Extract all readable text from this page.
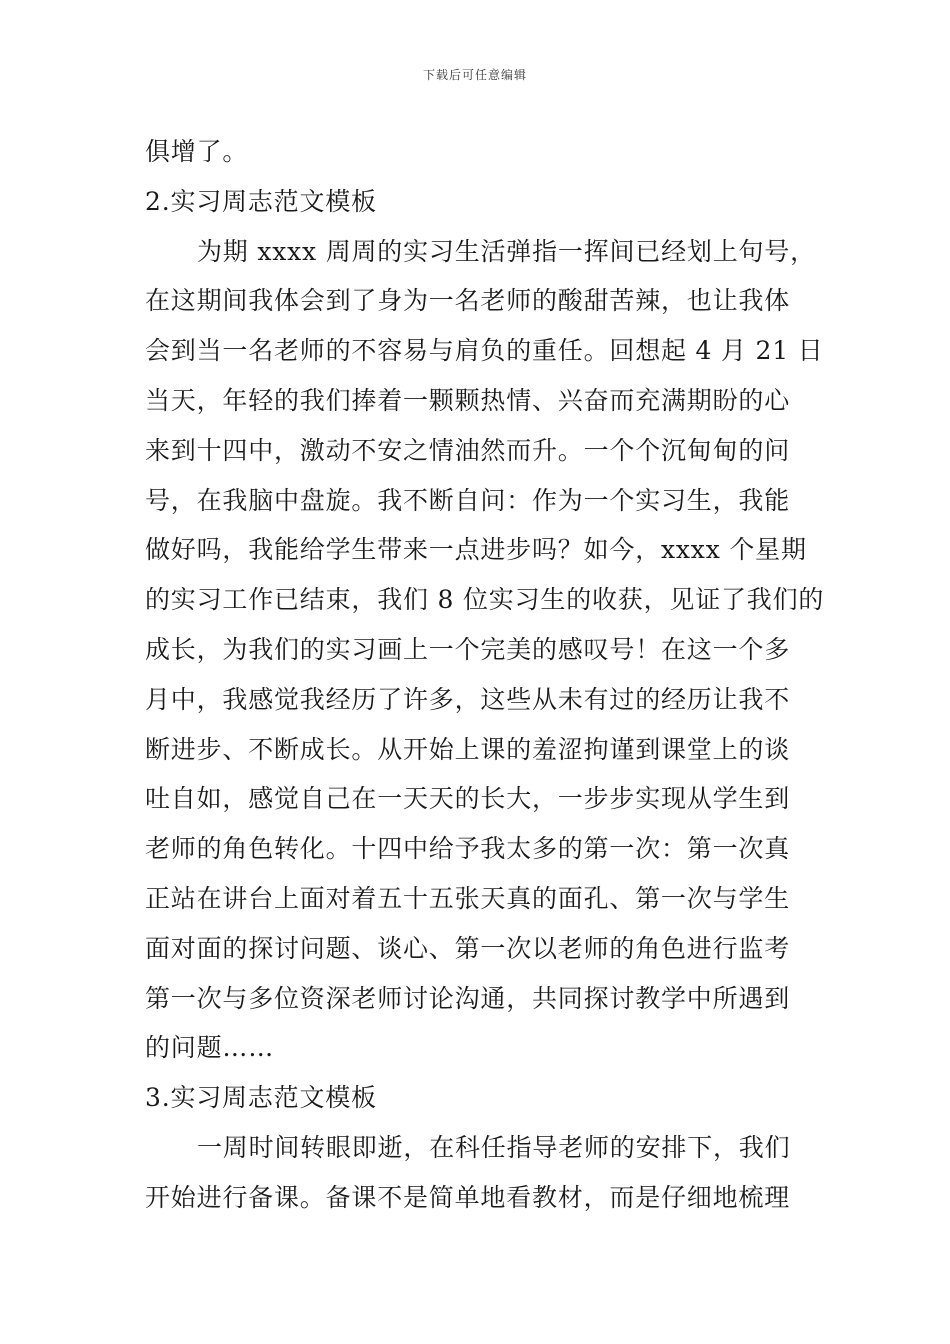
下载后可任意编辑
俱增了。
2.实习周志范文模板
为期 xxxx 周周的实习生活弹指一挥间已经划上句号，
在这期间我体会到了身为一名老师的酸甜苦辣，也让我体
会到当一名老师的不容易与肩负的重任。回想起 4 月 21 日
当天，年轻的我们捧着一颗颗热情、兴奋而充满期盼的心
来到十四中，激动不安之情油然而升。一个个沉甸甸的问
号，在我脑中盘旋。我不断自问：作为一个实习生，我能
做好吗，我能给学生带来一点进步吗？如今，xxxx 个星期
的实习工作已结束，我们 8 位实习生的收获，见证了我们的
成长，为我们的实习画上一个完美的感叹号！在这一个多
月中，我感觉我经历了许多，这些从未有过的经历让我不
断进步、不断成长。从开始上课的羞涩拘谨到课堂上的谈
吐自如，感觉自己在一天天的长大，一步步实现从学生到
老师的角色转化。十四中给予我太多的第一次：第一次真
正站在讲台上面对着五十五张天真的面孔、第一次与学生
面对面的探讨问题、谈心、第一次以老师的角色进行监考
第一次与多位资深老师讨论沟通，共同探讨教学中所遇到
的问题……
3.实习周志范文模板
一周时间转眼即逝，在科任指导老师的安排下，我们
开始进行备课。备课不是简单地看教材，而是仔细地梳理
